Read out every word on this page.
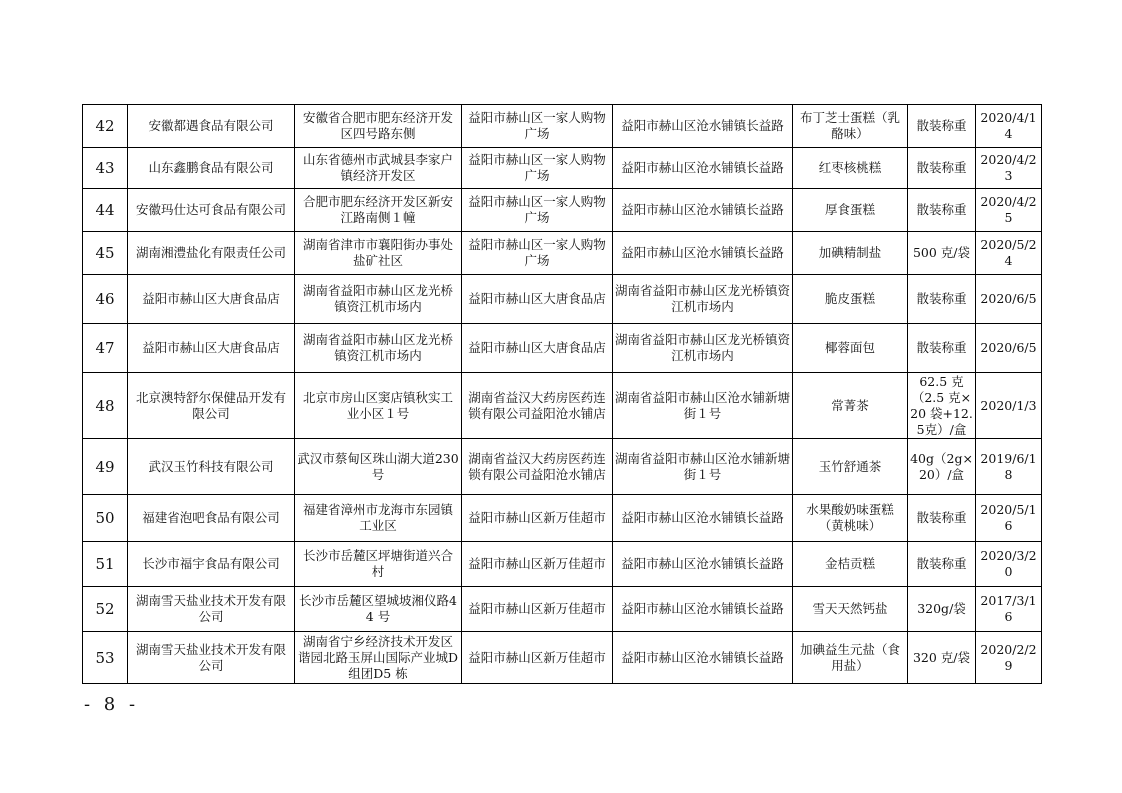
42	安徽都遇食品有限公司	安徽省合肥市肥东经济开发区四号路东侧	益阳市赫山区一家人购物广场	益阳市赫山区沧水铺镇长益路	布丁芝士蛋糕（乳酪味）	散装称重	2020/4/14
43	山东鑫鹏食品有限公司	山东省德州市武城县李家户镇经济开发区	益阳市赫山区一家人购物广场	益阳市赫山区沧水铺镇长益路	红枣核桃糕	散装称重	2020/4/23
44	安徽玛仕达可食品有限公司	合肥市肥东经济开发区新安江路南侧１幢	益阳市赫山区一家人购物广场	益阳市赫山区沧水铺镇长益路	厚食蛋糕	散装称重	2020/4/25
45	湖南湘澧盐化有限责任公司	湖南省津市市襄阳街办事处盐矿社区	益阳市赫山区一家人购物广场	益阳市赫山区沧水铺镇长益路	加碘精制盐	500 克/袋	2020/5/24
46	益阳市赫山区大唐食品店	湖南省益阳市赫山区龙光桥镇资江机市场内	益阳市赫山区大唐食品店	湖南省益阳市赫山区龙光桥镇资江机市场内	脆皮蛋糕	散装称重	2020/6/5
47	益阳市赫山区大唐食品店	湖南省益阳市赫山区龙光桥镇资江机市场内	益阳市赫山区大唐食品店	湖南省益阳市赫山区龙光桥镇资江机市场内	椰蓉面包	散装称重	2020/6/5
48	北京澳特舒尔保健品开发有限公司	北京市房山区窦店镇秋实工业小区１号	湖南省益汉大药房医药连锁有限公司益阳沧水铺店	湖南省益阳市赫山区沧水铺新塘街１号	常菁茶	62.5 克（2.5 克×20 袋+12.5克）/盒	2020/1/3
49	武汉玉竹科技有限公司	武汉市蔡甸区珠山湖大道230 号	湖南省益汉大药房医药连锁有限公司益阳沧水铺店	湖南省益阳市赫山区沧水铺新塘街１号	玉竹舒通茶	40g（2g×20）/盒	2019/6/18
50	福建省泡吧食品有限公司	福建省漳州市龙海市东园镇工业区	益阳市赫山区新万佳超市	益阳市赫山区沧水铺镇长益路	水果酸奶味蛋糕（黄桃味）	散装称重	2020/5/16
51	长沙市福宇食品有限公司	长沙市岳麓区坪塘街道兴合村	益阳市赫山区新万佳超市	益阳市赫山区沧水铺镇长益路	金桔贡糕	散装称重	2020/3/20
52	湖南雪天盐业技术开发有限公司	长沙市岳麓区望城坡湘仪路44 号	益阳市赫山区新万佳超市	益阳市赫山区沧水铺镇长益路	雪天天然钙盐	320g/袋	2017/3/16
53	湖南雪天盐业技术开发有限公司	湖南省宁乡经济技术开发区谐园北路玉屏山国际产业城D组团D5 栋	益阳市赫山区新万佳超市	益阳市赫山区沧水铺镇长益路	加碘益生元盐（食用盐）	320 克/袋	2020/2/29
- 8 -
